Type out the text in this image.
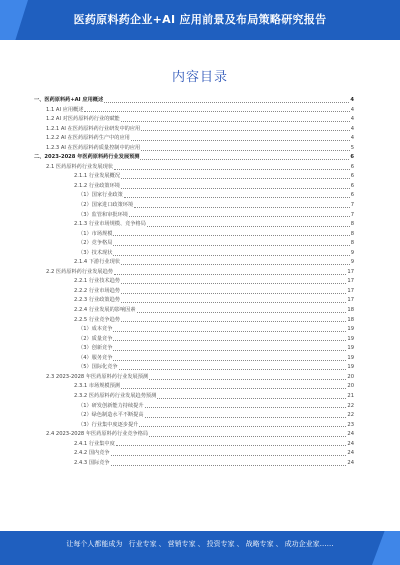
医药原料药企业+AI 应用前景及布局策略研究报告
内容目录
一、医药原料药+AI 应用概述	4
1.1 AI 应用概述	4
1.2 AI 对医药原料药行业的赋能	4
1.2.1 AI 在医药原料药行业研发中的应用	4
1.2.2 AI 在医药原料药生产中的应用	4
1.2.3 AI 在医药原料药质量控制中的应用	5
二、2023-2028 年医药原料药行业发展预测	6
2.1 医药原料药行业发展现状	6
2.1.1 行业发展概况	6
2.1.2 行业政策环境	6
（1）国家行业政策	6
（2）国家进口政策环境	7
（3）监管和审批环境	7
2.1.3 行业市场规模、竞争格局	8
（1）市场规模	8
（2）竞争格局	8
（3）技术现状	9
2.1.4 下游行业现状	9
2.2 医药原料药行业发展趋势	17
2.2.1 行业技术趋势	17
2.2.2 行业市场趋势	17
2.2.3 行业政策趋势	17
2.2.4 行业发展的影响因素	18
2.2.5 行业竞争趋势	18
（1）成本竞争	19
（2）质量竞争	19
（3）创新竞争	19
（4）服务竞争	19
（5）国际化竞争	19
2.3 2023-2028 年医药原料药行业发展预测	20
2.3.1 市场规模预测	20
2.3.2 医药原料药行业发展趋势预测	21
（1）研发创新能力持续提升	22
（2）绿色制造水平不断提高	22
（3）行业集中度逐步提升	23
2.4 2023-2028 年医药原料药行业竞争格局	24
2.4.1 行业集中度	24
2.4.2 国内竞争	24
2.4.3 国际竞争	24
让每个人都能成为 行业专家 、 营销专家 、 投资专家 、 战略专家 、 成功企业家……
